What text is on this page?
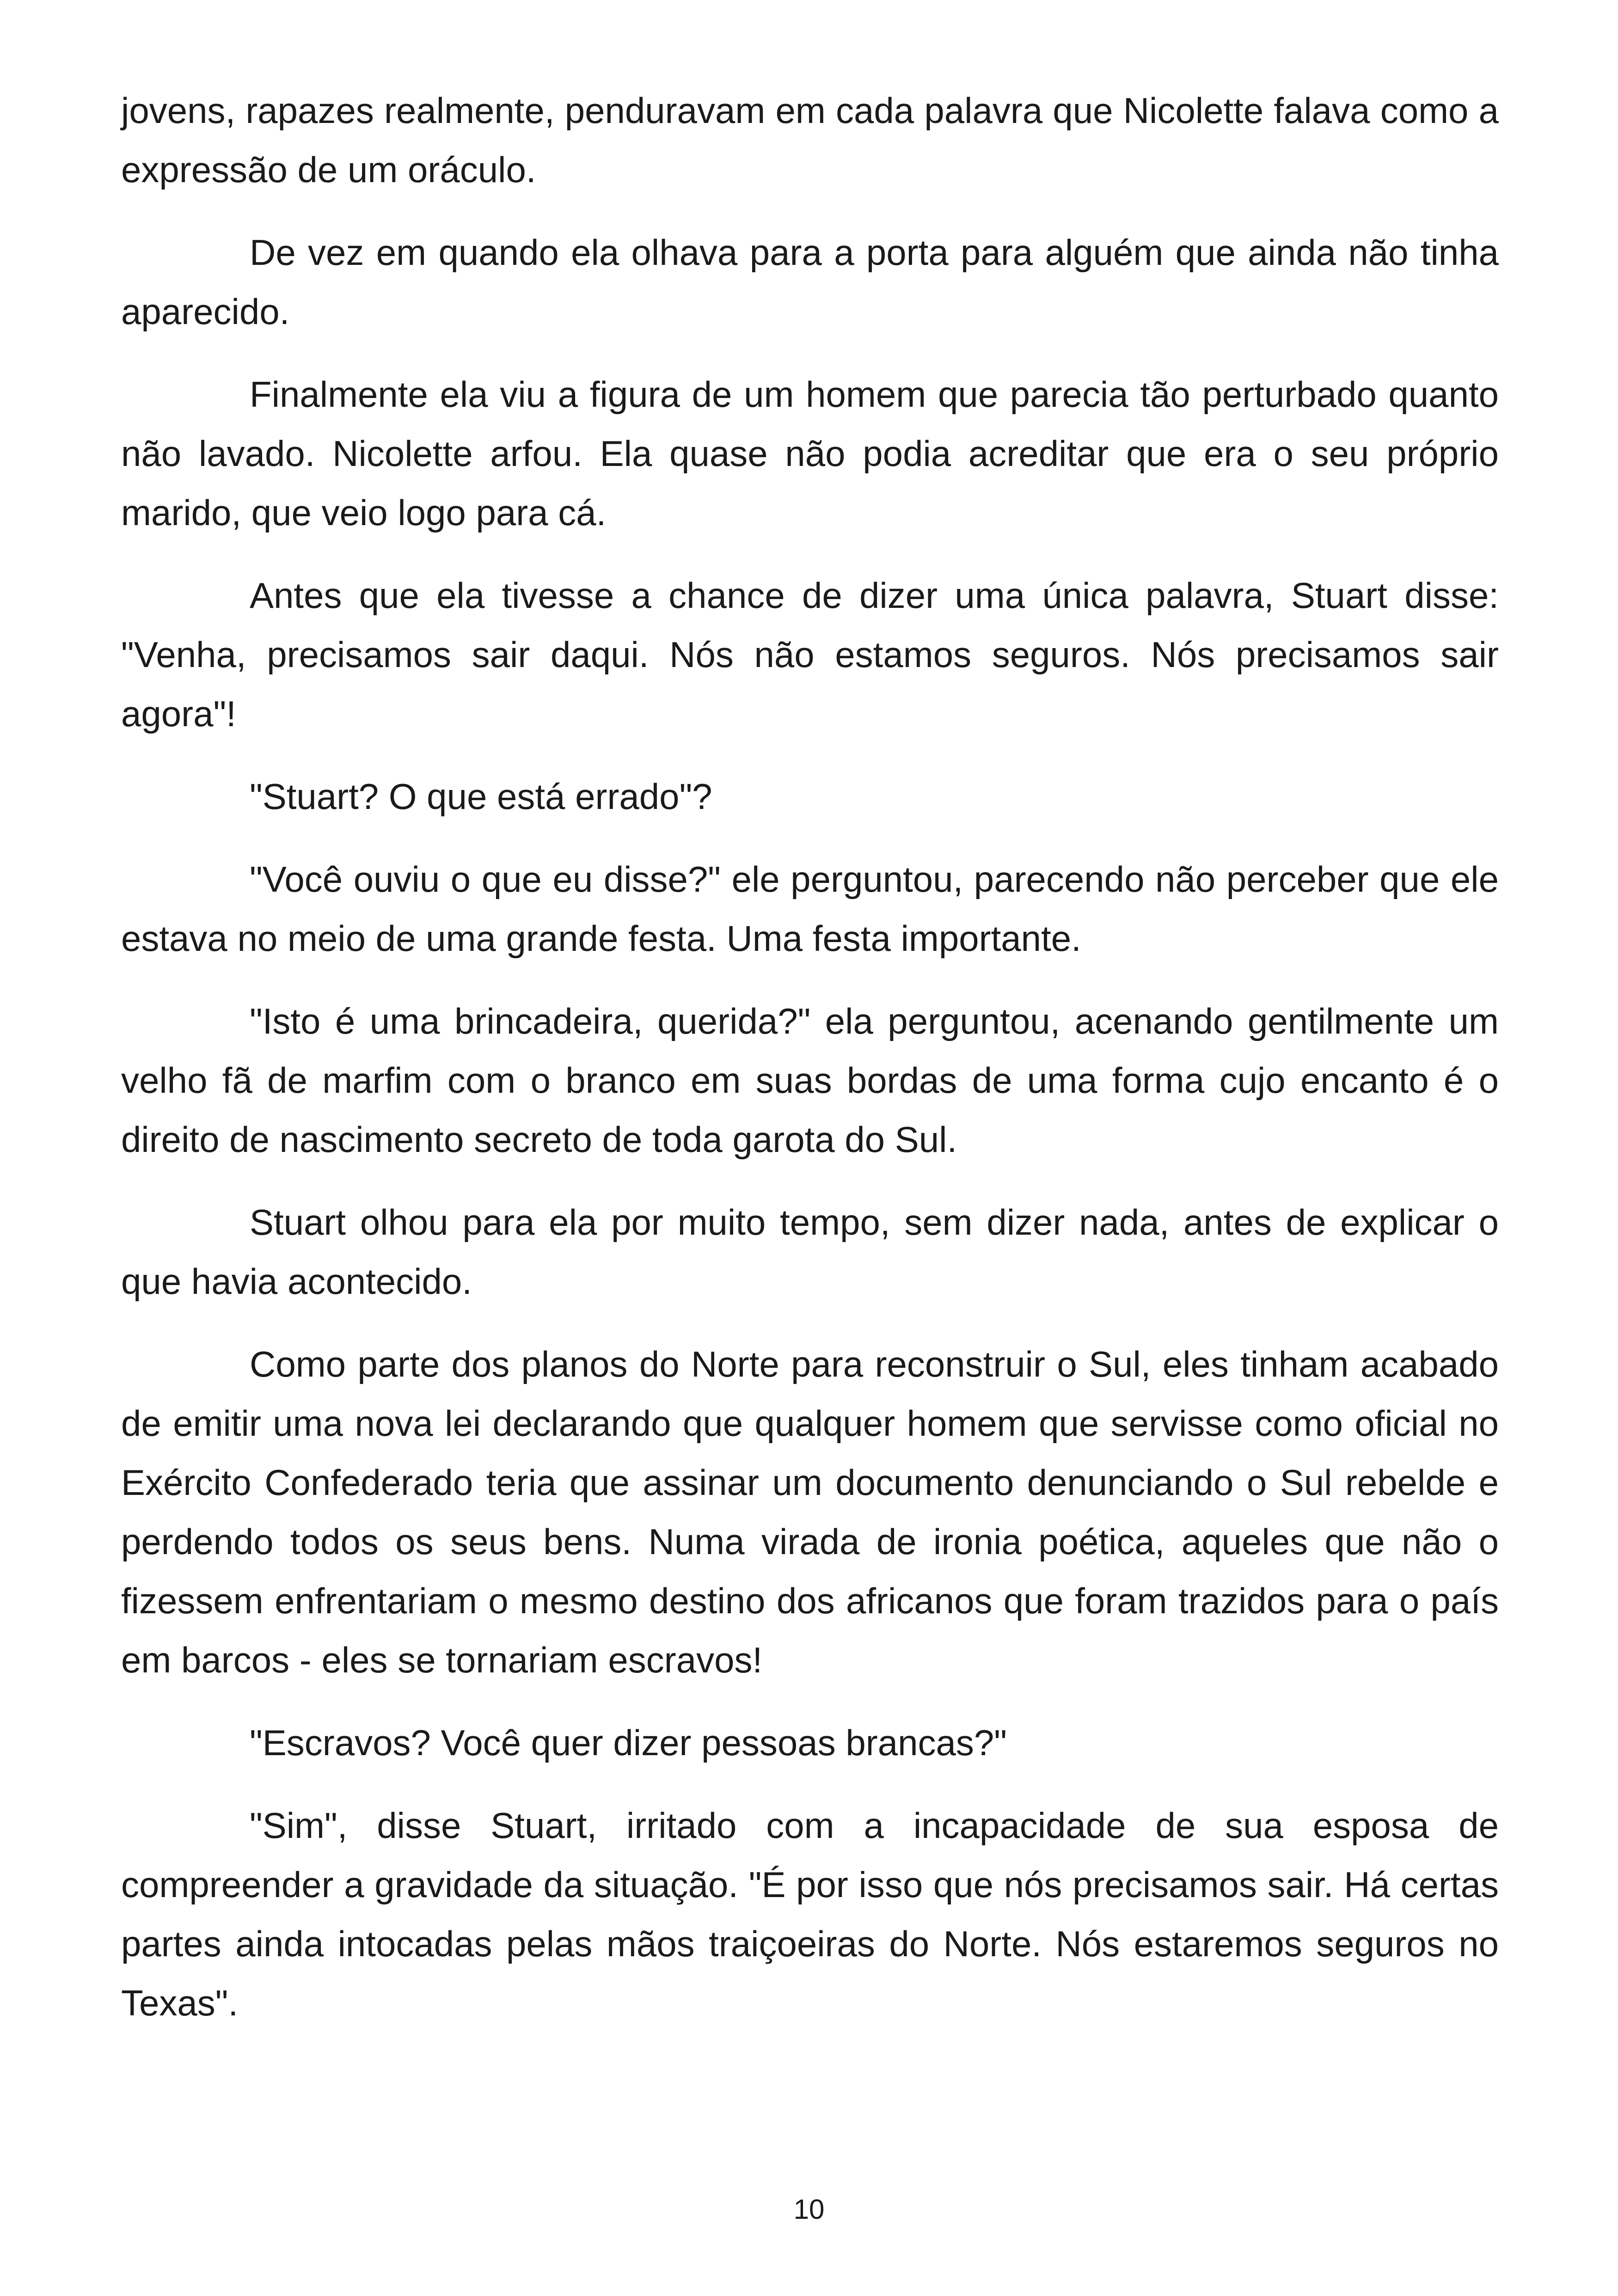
jovens, rapazes realmente, penduravam em cada palavra que Nicolette falava como a expressão de um oráculo.

De vez em quando ela olhava para a porta para alguém que ainda não tinha aparecido.

Finalmente ela viu a figura de um homem que parecia tão perturbado quanto não lavado. Nicolette arfou. Ela quase não podia acreditar que era o seu próprio marido, que veio logo para cá.

Antes que ela tivesse a chance de dizer uma única palavra, Stuart disse: "Venha, precisamos sair daqui. Nós não estamos seguros. Nós precisamos sair agora"!

"Stuart? O que está errado"?

"Você ouviu o que eu disse?" ele perguntou, parecendo não perceber que ele estava no meio de uma grande festa. Uma festa importante.

"Isto é uma brincadeira, querida?" ela perguntou, acenando gentilmente um velho fã de marfim com o branco em suas bordas de uma forma cujo encanto é o direito de nascimento secreto de toda garota do Sul.

Stuart olhou para ela por muito tempo, sem dizer nada, antes de explicar o que havia acontecido.

Como parte dos planos do Norte para reconstruir o Sul, eles tinham acabado de emitir uma nova lei declarando que qualquer homem que servisse como oficial no Exército Confederado teria que assinar um documento denunciando o Sul rebelde e perdendo todos os seus bens. Numa virada de ironia poética, aqueles que não o fizessem enfrentariam o mesmo destino dos africanos que foram trazidos para o país em barcos - eles se tornariam escravos!

"Escravos? Você quer dizer pessoas brancas?"

"Sim", disse Stuart, irritado com a incapacidade de sua esposa de compreender a gravidade da situação. "É por isso que nós precisamos sair. Há certas partes ainda intocadas pelas mãos traiçoeiras do Norte. Nós estaremos seguros no Texas".

10
